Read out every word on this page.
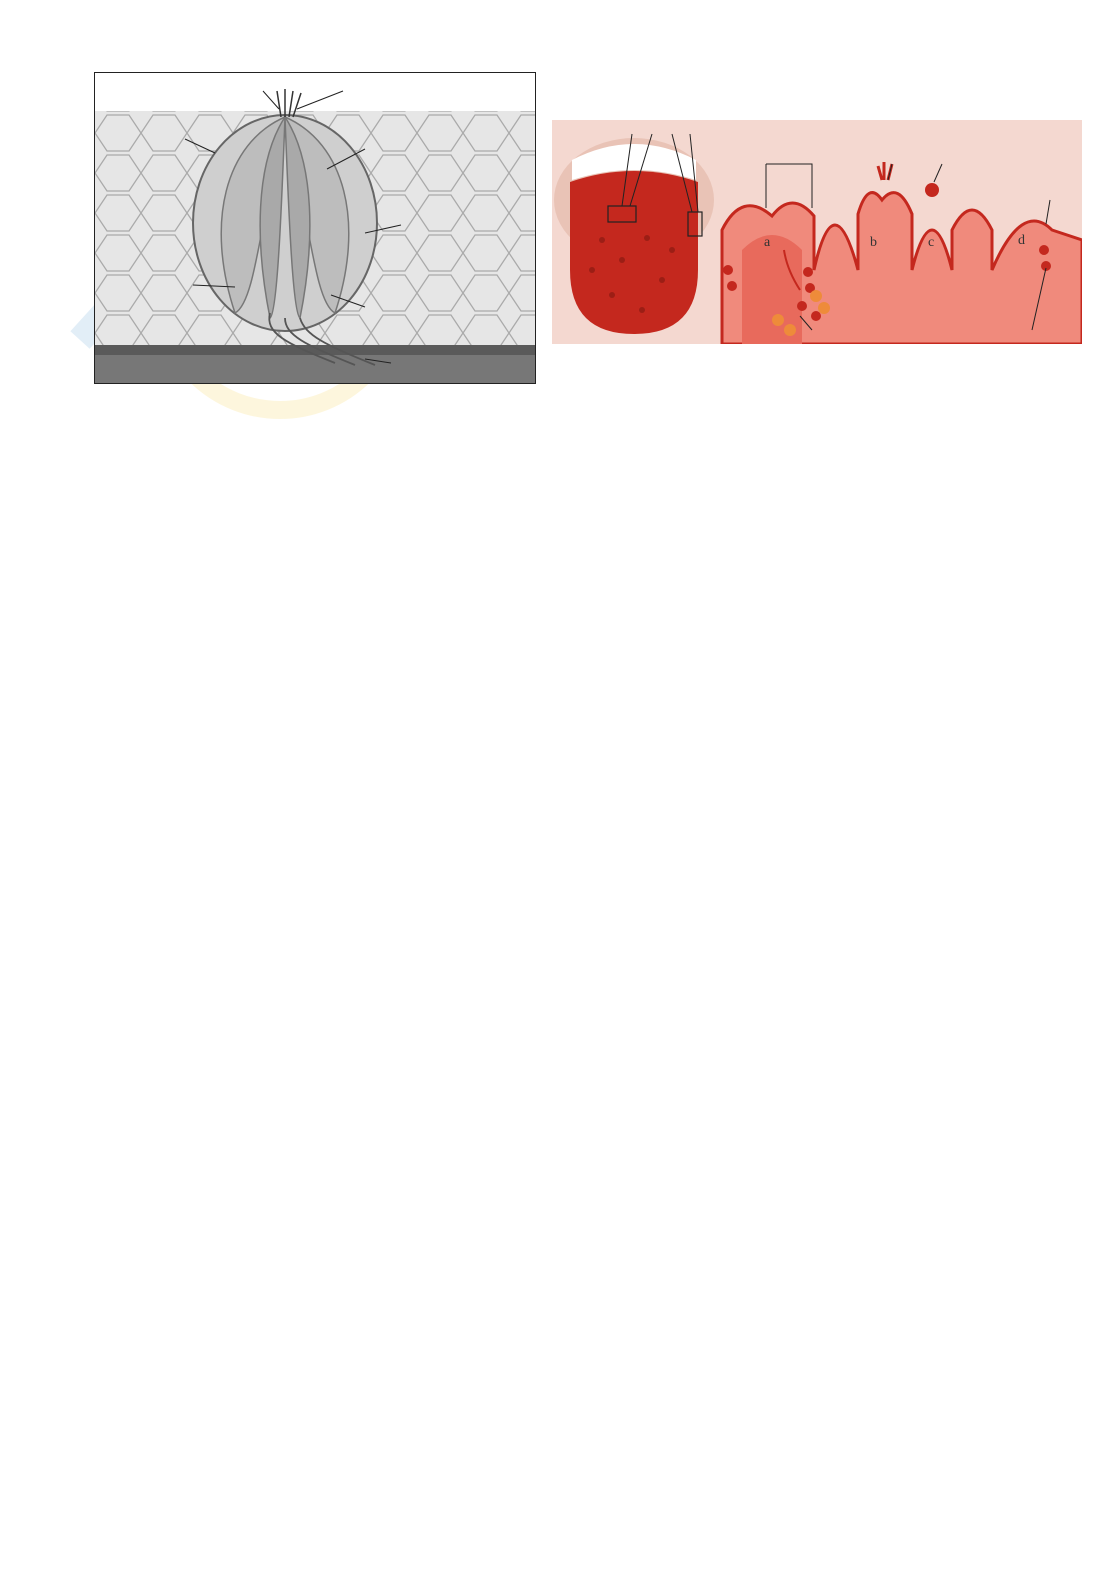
a	b	c	d
